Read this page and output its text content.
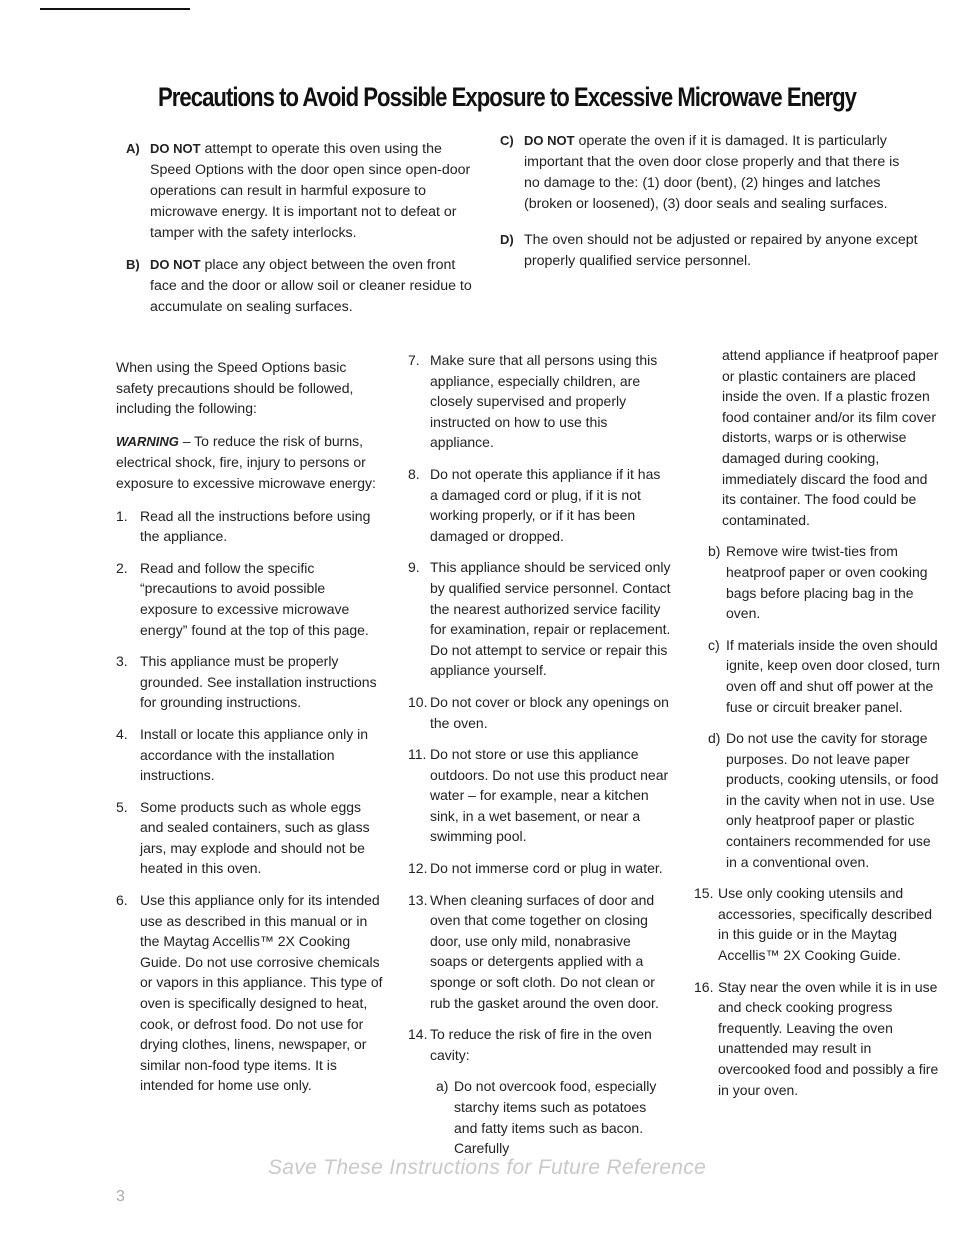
Precautions to Avoid Possible Exposure to Excessive Microwave Energy
A) DO NOT attempt to operate this oven using the Speed Options with the door open since open-door operations can result in harmful exposure to microwave energy. It is important not to defeat or tamper with the safety interlocks.
B) DO NOT place any object between the oven front face and the door or allow soil or cleaner residue to accumulate on sealing surfaces.
C) DO NOT operate the oven if it is damaged. It is particularly important that the oven door close properly and that there is no damage to the: (1) door (bent), (2) hinges and latches (broken or loosened), (3) door seals and sealing surfaces.
D) The oven should not be adjusted or repaired by anyone except properly qualified service personnel.

When using the Speed Options basic safety precautions should be followed, including the following:

WARNING – To reduce the risk of burns, electrical shock, fire, injury to persons or exposure to excessive microwave energy:

1. Read all the instructions before using the appliance.
2. Read and follow the specific “precautions to avoid possible exposure to excessive microwave energy” found at the top of this page.
3. This appliance must be properly grounded. See installation instructions for grounding instructions.
4. Install or locate this appliance only in accordance with the installation instructions.
5. Some products such as whole eggs and sealed containers, such as glass jars, may explode and should not be heated in this oven.
6. Use this appliance only for its intended use as described in this manual or in the Maytag Accellis™ 2X Cooking Guide. Do not use corrosive chemicals or vapors in this appliance. This type of oven is specifically designed to heat, cook, or defrost food. Do not use for drying clothes, linens, newspaper, or similar non-food type items. It is intended for home use only.
7. Make sure that all persons using this appliance, especially children, are closely supervised and properly instructed on how to use this appliance.
8. Do not operate this appliance if it has a damaged cord or plug, if it is not working properly, or if it has been damaged or dropped.
9. This appliance should be serviced only by qualified service personnel. Contact the nearest authorized service facility for examination, repair or replacement. Do not attempt to service or repair this appliance yourself.
10. Do not cover or block any openings on the oven.
11. Do not store or use this appliance outdoors. Do not use this product near water – for example, near a kitchen sink, in a wet basement, or near a swimming pool.
12. Do not immerse cord or plug in water.
13. When cleaning surfaces of door and oven that come together on closing door, use only mild, nonabrasive soaps or detergents applied with a sponge or soft cloth. Do not clean or rub the gasket around the oven door.
14. To reduce the risk of fire in the oven cavity:
a) Do not overcook food, especially starchy items such as potatoes and fatty items such as bacon. Carefully
attend appliance if heatproof paper or plastic containers are placed inside the oven. If a plastic frozen food container and/or its film cover distorts, warps or is otherwise damaged during cooking, immediately discard the food and its container. The food could be contaminated.
b) Remove wire twist-ties from heatproof paper or oven cooking bags before placing bag in the oven.
c) If materials inside the oven should ignite, keep oven door closed, turn oven off and shut off power at the fuse or circuit breaker panel.
d) Do not use the cavity for storage purposes. Do not leave paper products, cooking utensils, or food in the cavity when not in use. Use only heatproof paper or plastic containers recommended for use in a conventional oven.
15. Use only cooking utensils and accessories, specifically described in this guide or in the Maytag Accellis™ 2X Cooking Guide.
16. Stay near the oven while it is in use and check cooking progress frequently. Leaving the oven unattended may result in overcooked food and possibly a fire in your oven.
Save These Instructions for Future Reference
3
